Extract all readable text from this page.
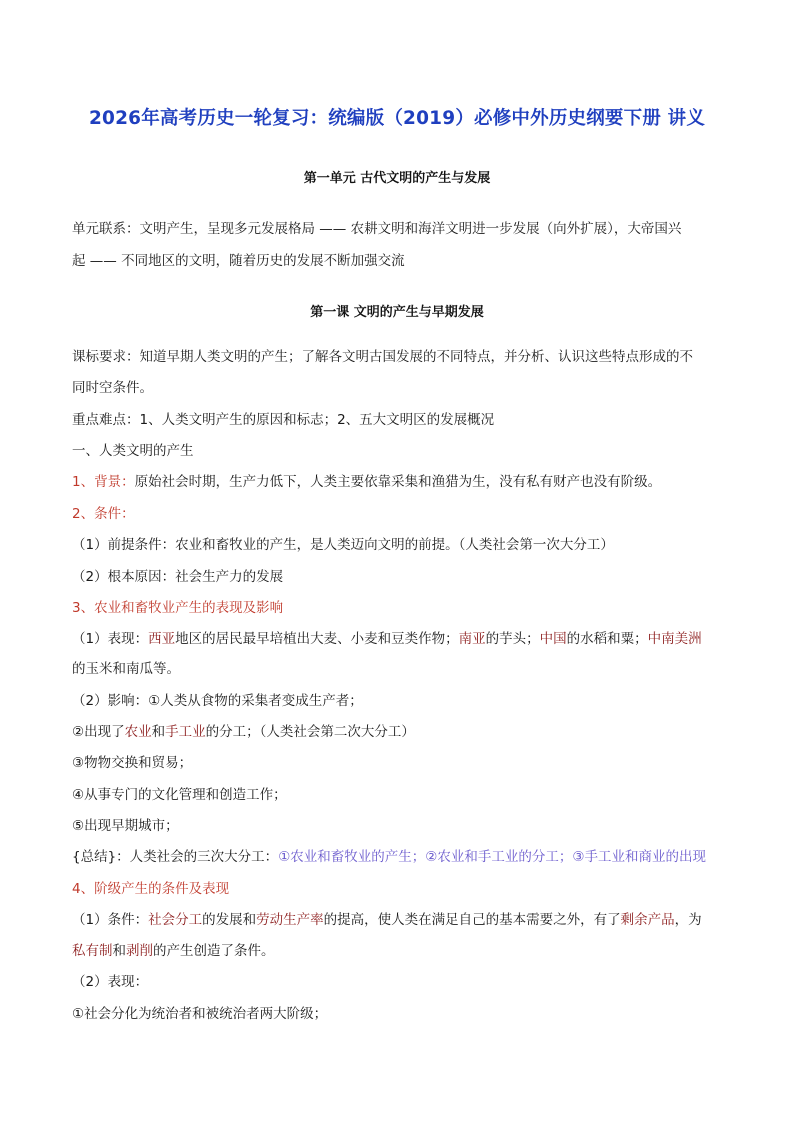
2026年高考历史一轮复习：统编版（2019）必修中外历史纲要下册 讲义
第一单元 古代文明的产生与发展
单元联系：文明产生，呈现多元发展格局 —— 农耕文明和海洋文明进一步发展（向外扩展），大帝国兴
起 —— 不同地区的文明，随着历史的发展不断加强交流
第一课 文明的产生与早期发展
课标要求：知道早期人类文明的产生；了解各文明古国发展的不同特点，并分析、认识这些特点形成的不
同时空条件。
重点难点：1、人类文明产生的原因和标志；2、五大文明区的发展概况
一、人类文明的产生
1、背景：原始社会时期，生产力低下，人类主要依靠采集和渔猎为生，没有私有财产也没有阶级。
2、条件：
（1）前提条件：农业和畜牧业的产生，是人类迈向文明的前提。（人类社会第一次大分工）
（2）根本原因：社会生产力的发展
3、农业和畜牧业产生的表现及影响
（1）表现：西亚地区的居民最早培植出大麦、小麦和豆类作物；南亚的芋头；中国的水稻和粟；中南美洲
的玉米和南瓜等。
（2）影响：①人类从食物的采集者变成生产者；
②出现了农业和手工业的分工；（人类社会第二次大分工）
③物物交换和贸易；
④从事专门的文化管理和创造工作；
⑤出现早期城市；
{总结}：人类社会的三次大分工：①农业和畜牧业的产生；②农业和手工业的分工；③手工业和商业的出现
4、阶级产生的条件及表现
（1）条件：社会分工的发展和劳动生产率的提高，使人类在满足自己的基本需要之外，有了剩余产品，为
私有制和剥削的产生创造了条件。
（2）表现：
①社会分化为统治者和被统治者两大阶级；
